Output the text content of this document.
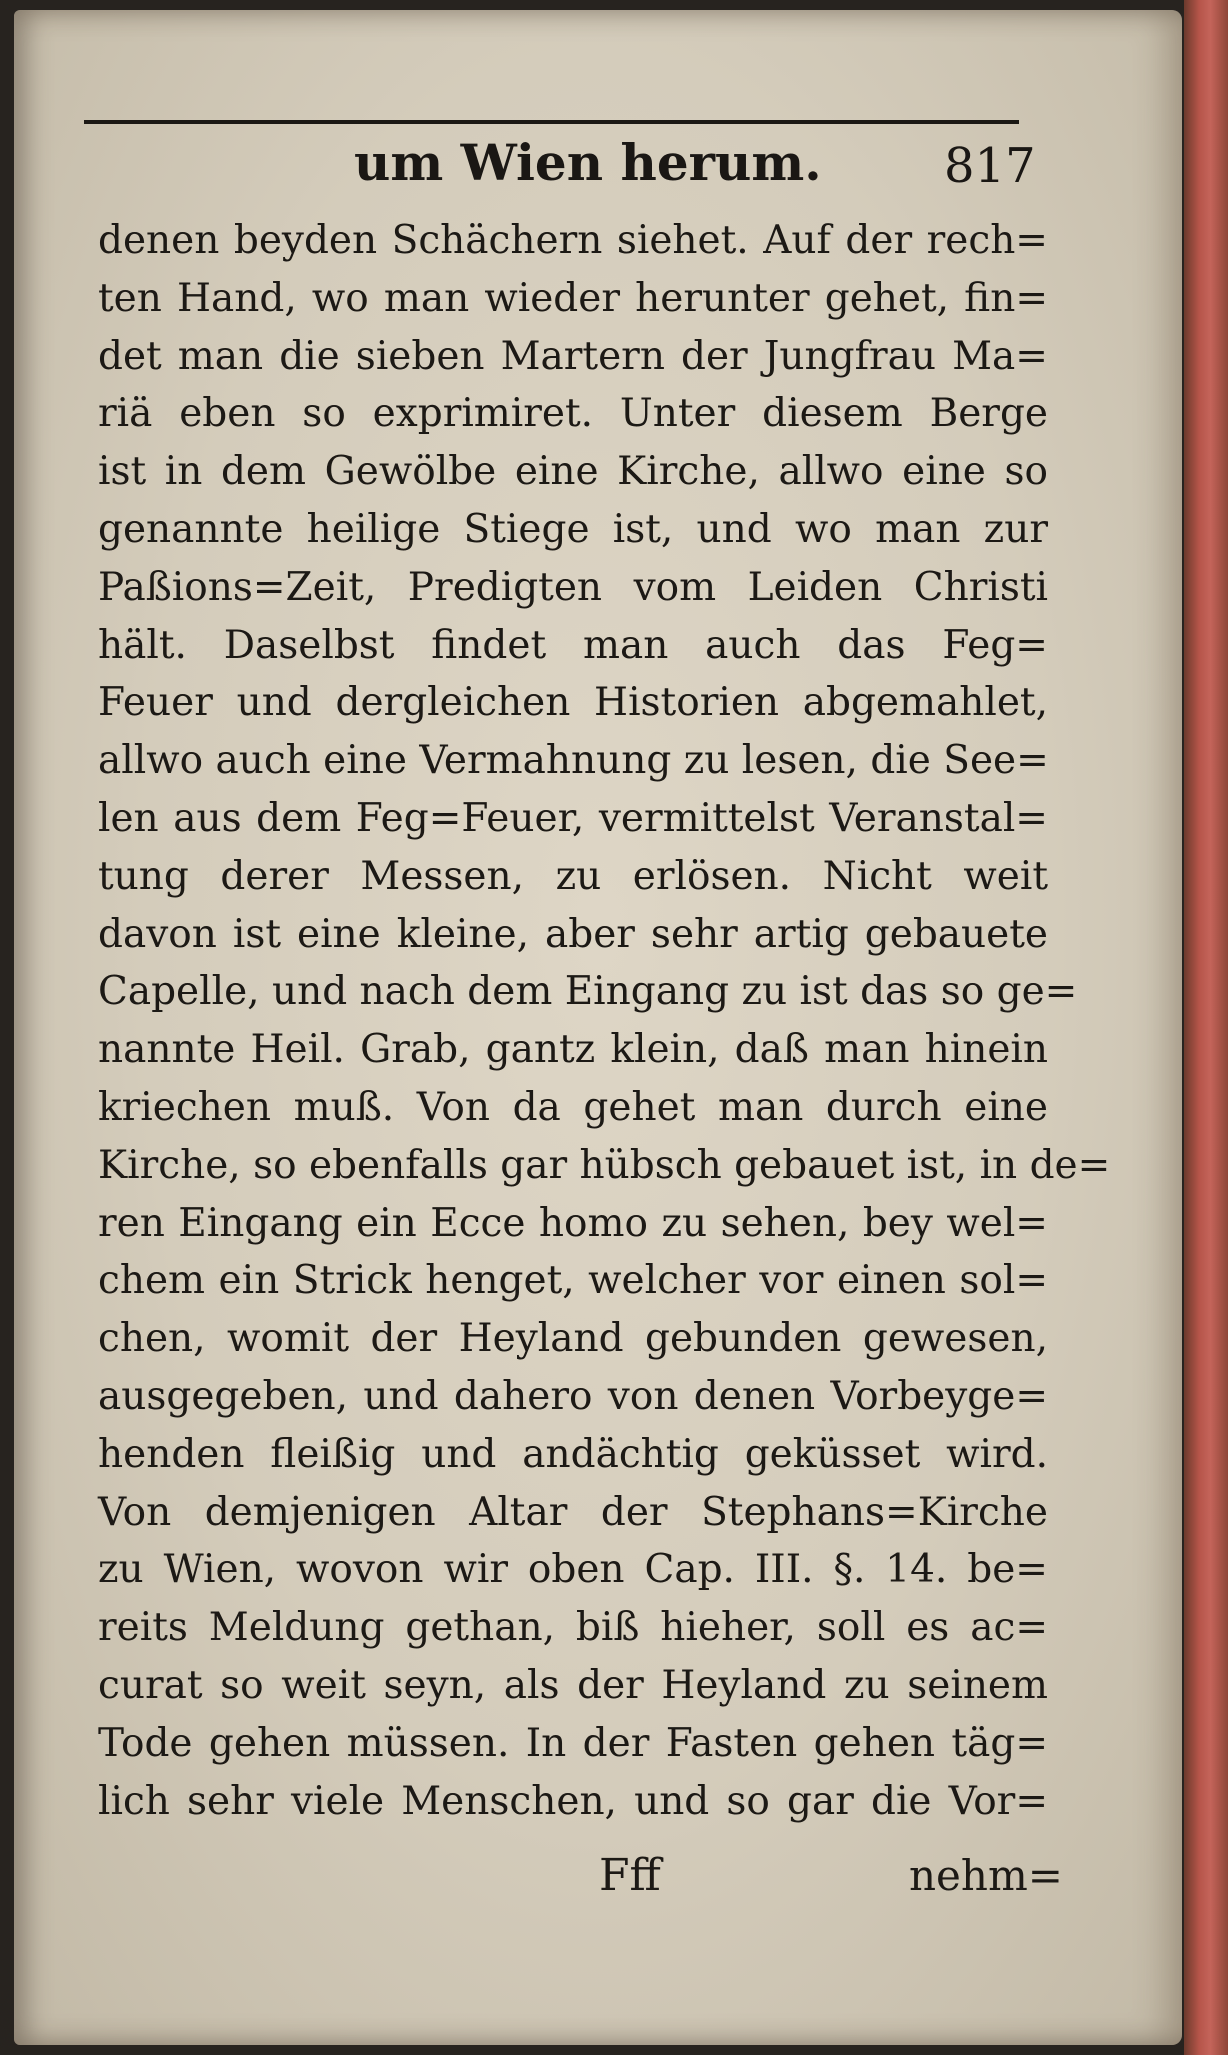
um Wien herum.	817
denen beyden Schächern siehet. Auf der rech=
ten Hand, wo man wieder herunter gehet, fin=
det man die sieben Martern der Jungfrau Ma=
riä eben so exprimiret. Unter diesem Berge
ist in dem Gewölbe eine Kirche, allwo eine so
genannte heilige Stiege ist, und wo man zur
Paßions=Zeit, Predigten vom Leiden Christi
hält. Daselbst findet man auch das Feg=
Feuer und dergleichen Historien abgemahlet,
allwo auch eine Vermahnung zu lesen, die See=
len aus dem Feg=Feuer, vermittelst Veranstal=
tung derer Messen, zu erlösen. Nicht weit
davon ist eine kleine, aber sehr artig gebauete
Capelle, und nach dem Eingang zu ist das so ge=
nannte Heil. Grab, gantz klein, daß man hinein
kriechen muß. Von da gehet man durch eine
Kirche, so ebenfalls gar hübsch gebauet ist, in de=
ren Eingang ein Ecce homo zu sehen, bey wel=
chem ein Strick henget, welcher vor einen sol=
chen, womit der Heyland gebunden gewesen,
ausgegeben, und dahero von denen Vorbeyge=
henden fleißig und andächtig geküsset wird.
Von demjenigen Altar der Stephans=Kirche
zu Wien, wovon wir oben Cap. III. §. 14. be=
reits Meldung gethan, biß hieher, soll es ac=
curat so weit seyn, als der Heyland zu seinem
Tode gehen müssen. In der Fasten gehen täg=
lich sehr viele Menschen, und so gar die Vor=
Fff	nehm=
